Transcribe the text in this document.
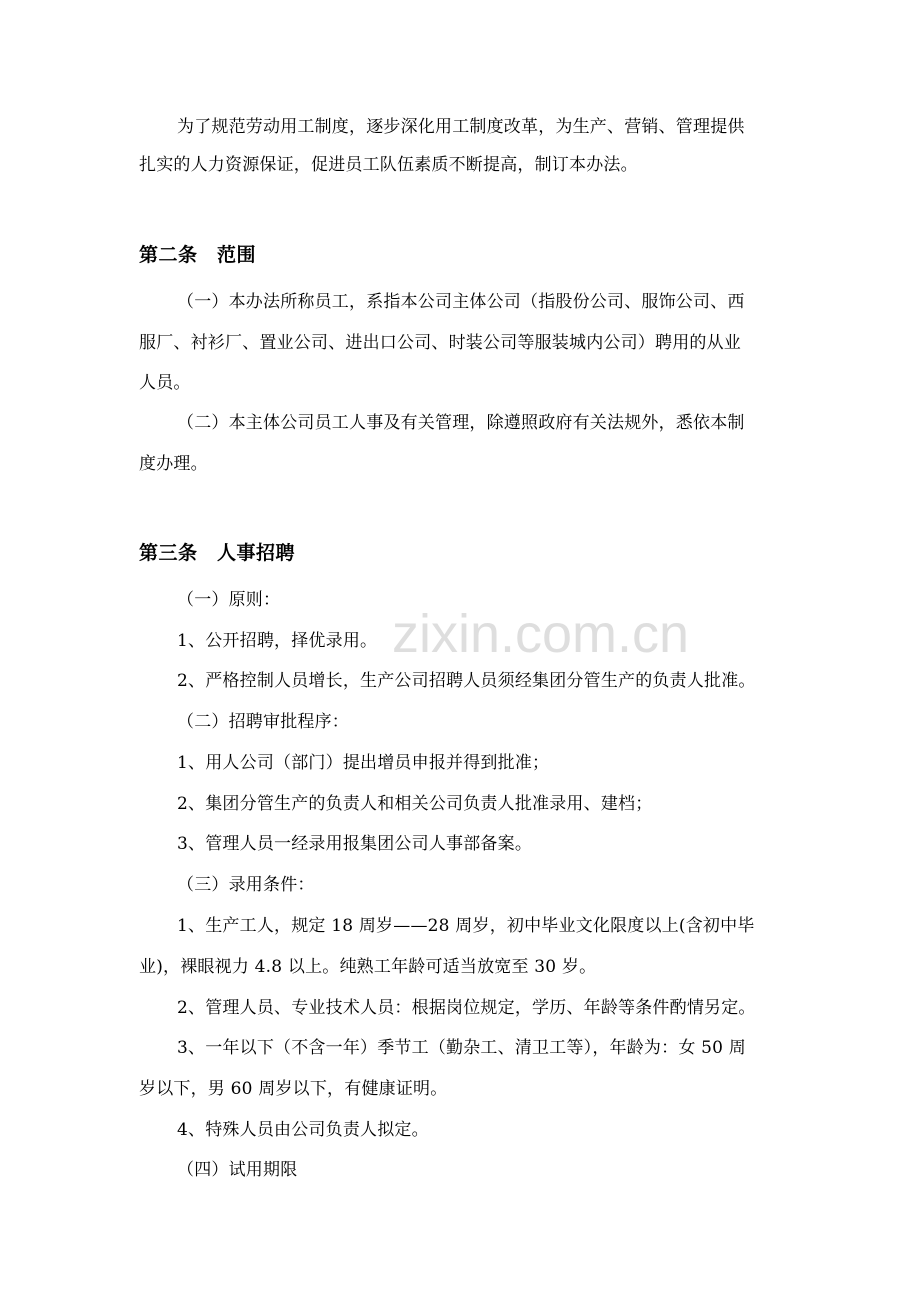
zixin.com.cn
为了规范劳动用工制度，逐步深化用工制度改革，为生产、营销、管理提供
扎实的人力资源保证，促进员工队伍素质不断提高，制订本办法。
第二条　范围
（一）本办法所称员工，系指本公司主体公司（指股份公司、服饰公司、西
服厂、衬衫厂、置业公司、进出口公司、时装公司等服装城内公司）聘用的从业
人员。
（二）本主体公司员工人事及有关管理，除遵照政府有关法规外，悉依本制
度办理。
第三条　人事招聘
（一）原则：
1、公开招聘，择优录用。
2、严格控制人员增长，生产公司招聘人员须经集团分管生产的负责人批准。
（二）招聘审批程序：
1、用人公司（部门）提出增员申报并得到批准；
2、集团分管生产的负责人和相关公司负责人批准录用、建档；
3、管理人员一经录用报集团公司人事部备案。
（三）录用条件：
1、生产工人，规定 18 周岁——28 周岁，初中毕业文化限度以上(含初中毕
业)，裸眼视力 4.8 以上。纯熟工年龄可适当放宽至 30 岁。
2、管理人员、专业技术人员：根据岗位规定，学历、年龄等条件酌情另定。
3、一年以下（不含一年）季节工（勤杂工、清卫工等），年龄为：女 50 周
岁以下，男 60 周岁以下，有健康证明。
4、特殊人员由公司负责人拟定。
（四）试用期限
